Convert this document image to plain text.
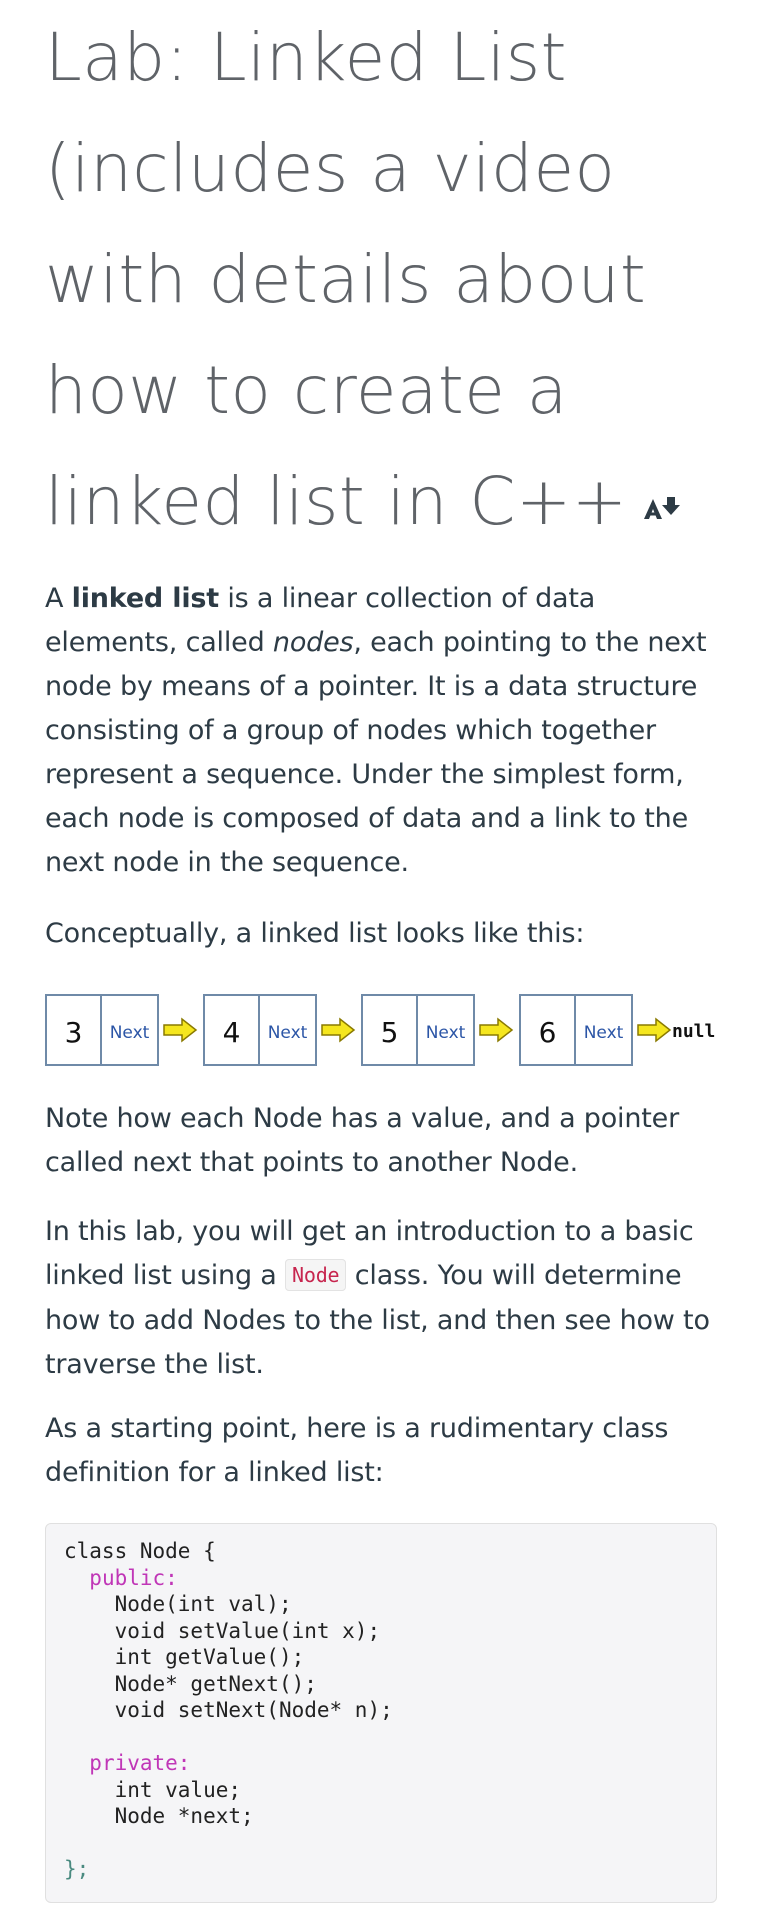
Lab: Linked List
(includes a video
with details about
how to create a
linked list in C++

A linked list is a linear collection of data elements, called nodes, each pointing to the next node by means of a pointer. It is a data structure consisting of a group of nodes which together represent a sequence. Under the simplest form, each node is composed of data and a link to the next node in the sequence.

Conceptually, a linked list looks like this:

3 Next	4 Next	5 Next	6 Next	null

Note how each Node has a value, and a pointer called next that points to another Node.

In this lab, you will get an introduction to a basic linked list using a Node class. You will determine how to add Nodes to the list, and then see how to traverse the list.

As a starting point, here is a rudimentary class definition for a linked list:

class Node {
public:
Node(int val);
void setValue(int x);
int getValue();
Node* getNext();
void setNext(Node* n);

private:
int value;
Node *next;

};
